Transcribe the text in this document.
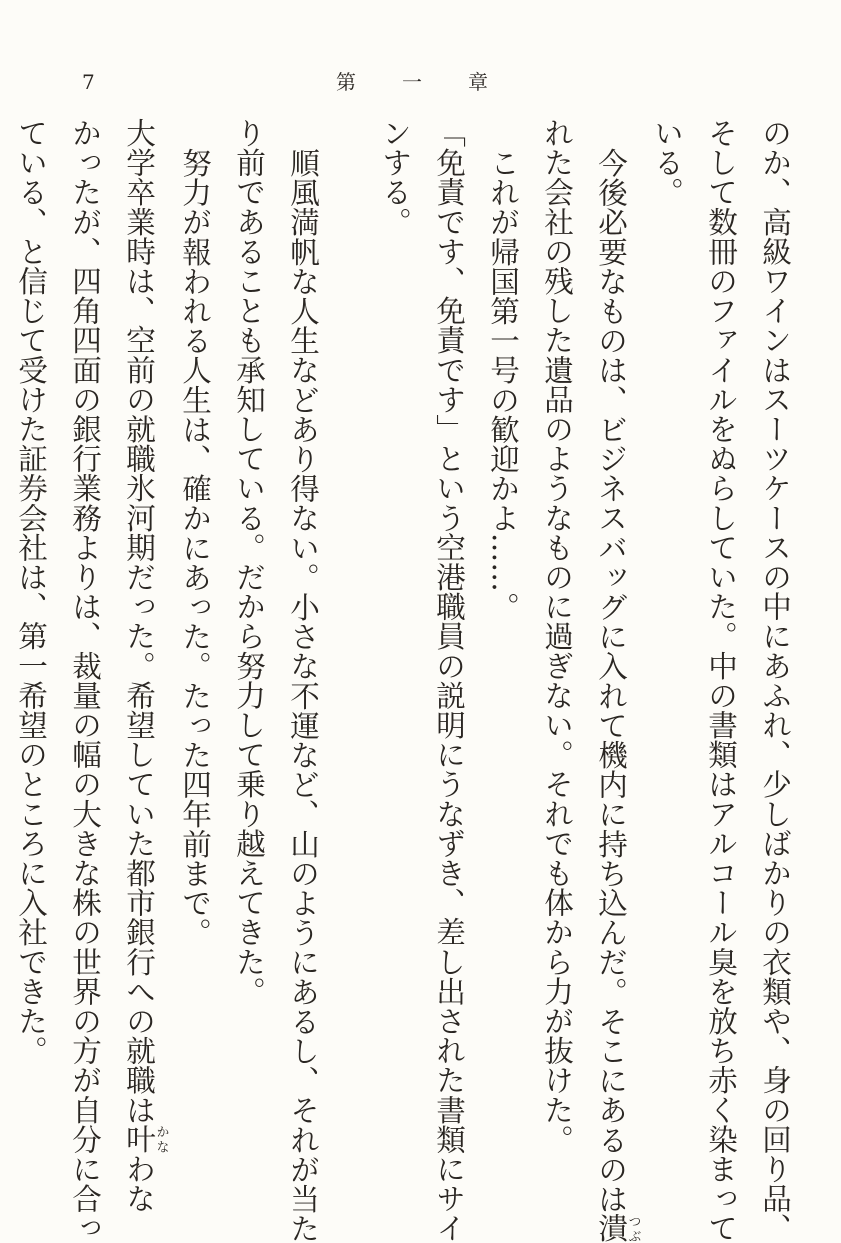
7	第 一 章

のか、高級ワインはスーツケースの中にあふれ、少しばかりの衣類や、身の回り品、

そして数冊のファイルをぬらしていた。中の書類はアルコール臭を放ち赤く染まって

いる。

今後必要なものは、ビジネスバッグに入れて機内に持ち込んだ。そこにあるのは潰つぶ

れた会社の残した遺品のようなものに過ぎない。それでも体から力が抜けた。

これが帰国第一号の歓迎かよ……。

「免責です、免責です」という空港職員の説明にうなずき、差し出された書類にサイ

ンする。

順風満帆な人生などあり得ない。小さな不運など、山のようにあるし、それが当た

り前であることも承知している。だから努力して乗り越えてきた。

努力が報われる人生は、確かにあった。たった四年前まで。

大学卒業時は、空前の就職氷河期だった。希望していた都市銀行への就職は叶かなわな

かったが、四角四面の銀行業務よりは、裁量の幅の大きな株の世界の方が自分に合っ

ている、と信じて受けた証券会社は、第一希望のところに入社できた。
